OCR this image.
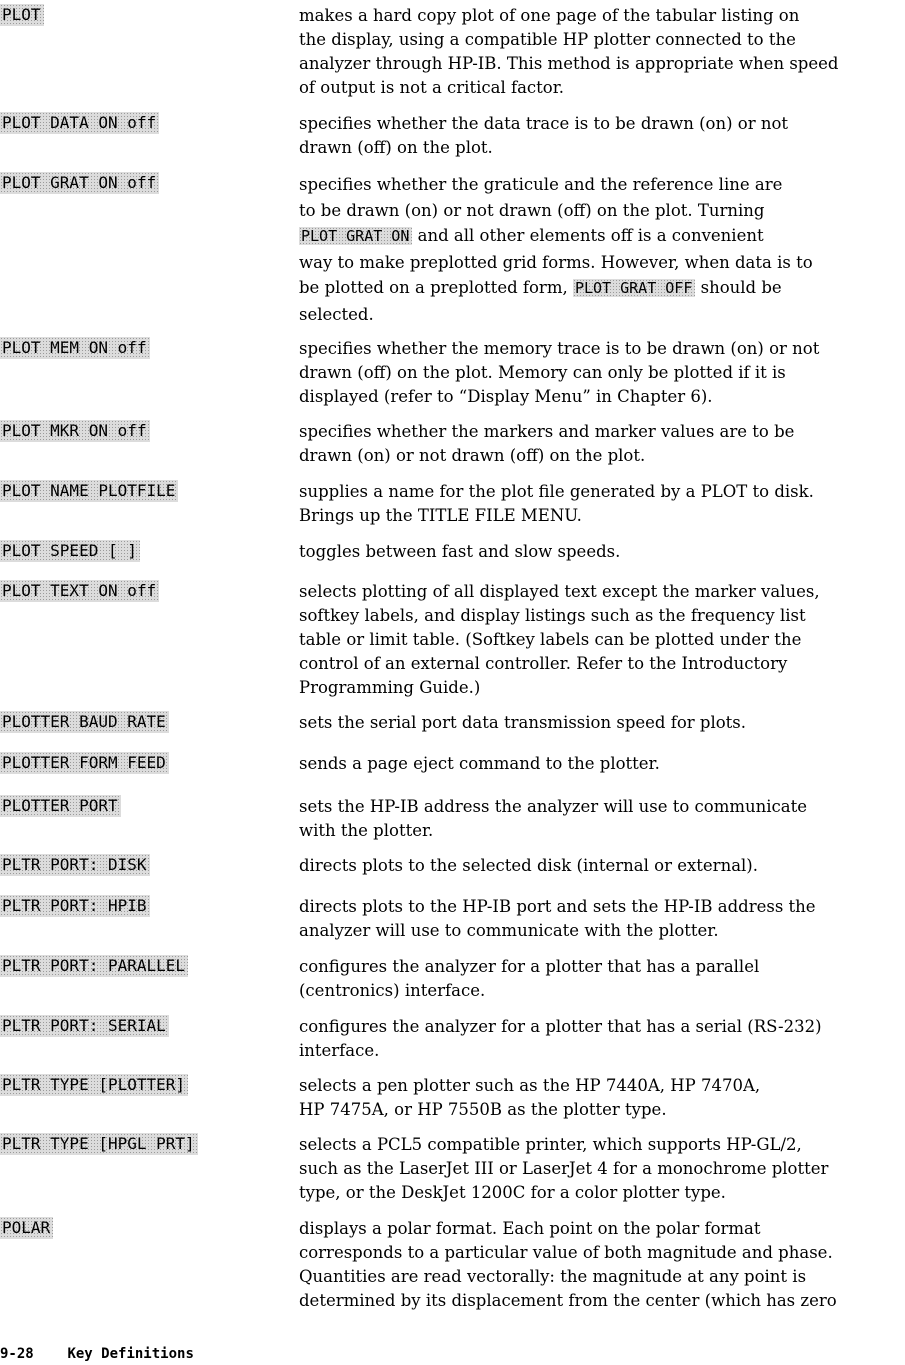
PLOT	makes a hard copy plot of one page of the tabular listing on
the display, using a compatible HP plotter connected to the
analyzer through HP-IB. This method is appropriate when speed
of output is not a critical factor.

PLOT DATA ON off	specifies whether the data trace is to be drawn (on) or not
drawn (off) on the plot.

PLOT GRAT ON off	specifies whether the graticule and the reference line are
to be drawn (on) or not drawn (off) on the plot. Turning
PLOT GRAT ON and all other elements off is a convenient
way to make preplotted grid forms. However, when data is to
be plotted on a preplotted form, PLOT GRAT OFF should be
selected.

PLOT MEM ON off	specifies whether the memory trace is to be drawn (on) or not
drawn (off) on the plot. Memory can only be plotted if it is
displayed (refer to “Display Menu” in Chapter 6).

PLOT MKR ON off	specifies whether the markers and marker values are to be
drawn (on) or not drawn (off) on the plot.

PLOT NAME PLOTFILE	supplies a name for the plot file generated by a PLOT to disk.
Brings up the TITLE FILE MENU.

PLOT SPEED [ ]	toggles between fast and slow speeds.

PLOT TEXT ON off	selects plotting of all displayed text except the marker values,
softkey labels, and display listings such as the frequency list
table or limit table. (Softkey labels can be plotted under the
control of an external controller. Refer to the Introductory
Programming Guide.)

PLOTTER BAUD RATE	sets the serial port data transmission speed for plots.

PLOTTER FORM FEED	sends a page eject command to the plotter.

PLOTTER PORT	sets the HP-IB address the analyzer will use to communicate
with the plotter.

PLTR PORT: DISK	directs plots to the selected disk (internal or external).

PLTR PORT: HPIB	directs plots to the HP-IB port and sets the HP-IB address the
analyzer will use to communicate with the plotter.

PLTR PORT: PARALLEL	configures the analyzer for a plotter that has a parallel
(centronics) interface.

PLTR PORT: SERIAL	configures the analyzer for a plotter that has a serial (RS-232)
interface.

PLTR TYPE [PLOTTER]	selects a pen plotter such as the HP 7440A, HP 7470A,
HP 7475A, or HP 7550B as the plotter type.

PLTR TYPE [HPGL PRT]	selects a PCL5 compatible printer, which supports HP-GL/2,
such as the LaserJet III or LaserJet 4 for a monochrome plotter
type, or the DeskJet 1200C for a color plotter type.

POLAR	displays a polar format. Each point on the polar format
corresponds to a particular value of both magnitude and phase.
Quantities are read vectorally: the magnitude at any point is
determined by its displacement from the center (which has zero

9-28 Key Definitions
